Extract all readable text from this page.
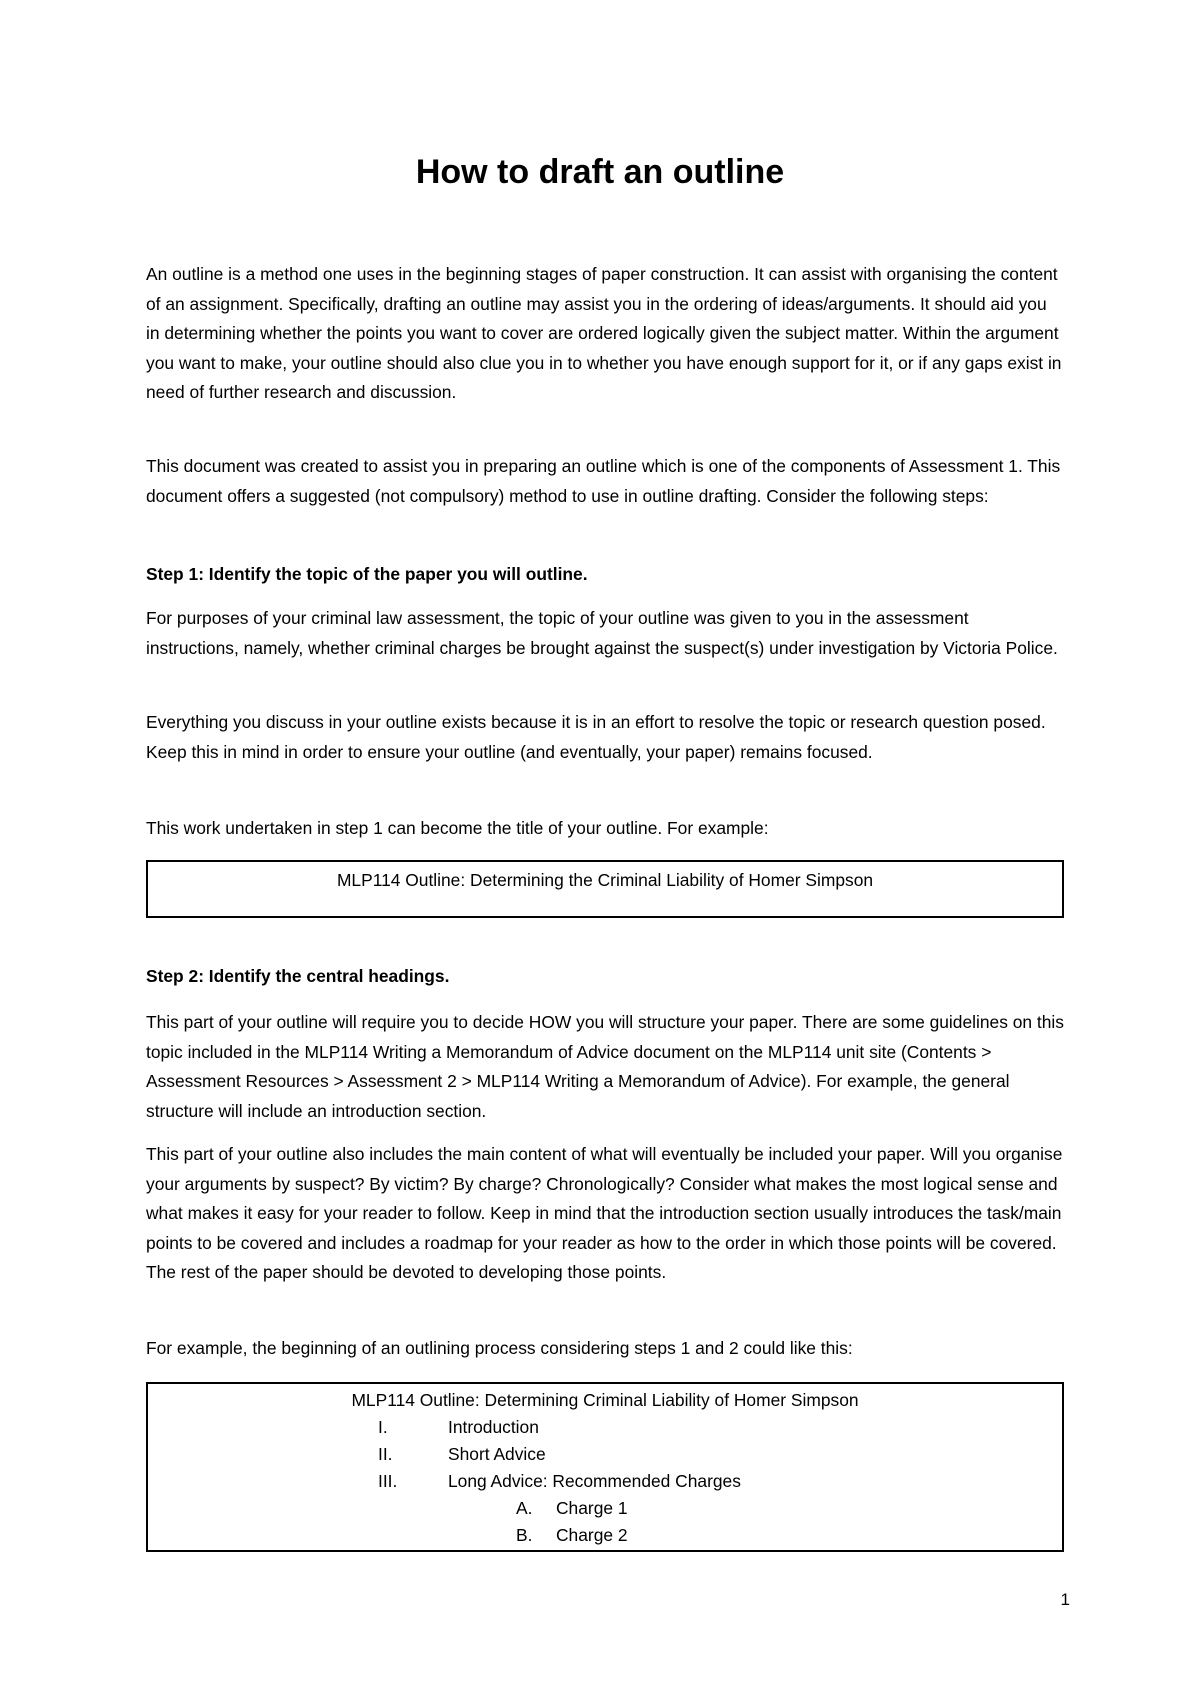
How to draft an outline

An outline is a method one uses in the beginning stages of paper construction. It can assist with organising the content of an assignment. Specifically, drafting an outline may assist you in the ordering of ideas/arguments. It should aid you in determining whether the points you want to cover are ordered logically given the subject matter. Within the argument you want to make, your outline should also clue you in to whether you have enough support for it, or if any gaps exist in need of further research and discussion.

This document was created to assist you in preparing an outline which is one of the components of Assessment 1. This document offers a suggested (not compulsory) method to use in outline drafting. Consider the following steps:

Step 1: Identify the topic of the paper you will outline.

For purposes of your criminal law assessment, the topic of your outline was given to you in the assessment instructions, namely, whether criminal charges be brought against the suspect(s) under investigation by Victoria Police.

Everything you discuss in your outline exists because it is in an effort to resolve the topic or research question posed. Keep this in mind in order to ensure your outline (and eventually, your paper) remains focused.

This work undertaken in step 1 can become the title of your outline. For example:

MLP114 Outline: Determining the Criminal Liability of Homer Simpson

Step 2: Identify the central headings.

This part of your outline will require you to decide HOW you will structure your paper. There are some guidelines on this topic included in the MLP114 Writing a Memorandum of Advice document on the MLP114 unit site (Contents > Assessment Resources > Assessment 2 > MLP114 Writing a Memorandum of Advice). For example, the general structure will include an introduction section.

This part of your outline also includes the main content of what will eventually be included your paper. Will you organise your arguments by suspect? By victim? By charge? Chronologically? Consider what makes the most logical sense and what makes it easy for your reader to follow. Keep in mind that the introduction section usually introduces the task/main points to be covered and includes a roadmap for your reader as how to the order in which those points will be covered. The rest of the paper should be devoted to developing those points.

For example, the beginning of an outlining process considering steps 1 and 2 could like this:

MLP114 Outline: Determining Criminal Liability of Homer Simpson
I.	Introduction
II.	Short Advice
III.	Long Advice: Recommended Charges
A. Charge 1
B. Charge 2
1
